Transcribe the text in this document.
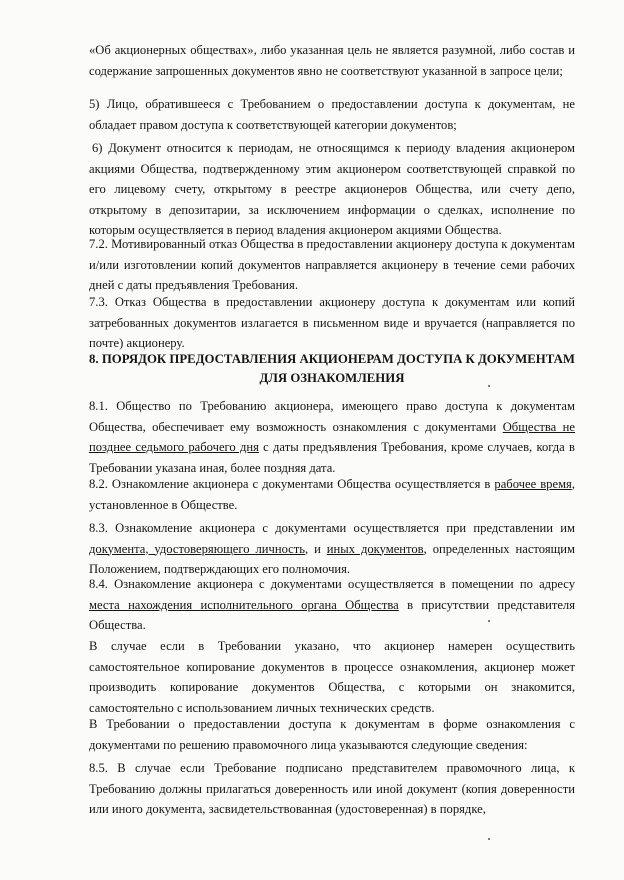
«Об акционерных обществах», либо указанная цель не является разумной, либо состав и содержание запрошенных документов явно не соответствуют указанной в запросе цели;

5) Лицо, обратившееся с Требованием о предоставлении доступа к документам, не обладает правом доступа к соответствующей категории документов;

6) Документ относится к периодам, не относящимся к периоду владения акционером акциями Общества, подтвержденному этим акционером соответствующей справкой по его лицевому счету, открытому в реестре акционеров Общества, или счету депо, открытому в депозитарии, за исключением информации о сделках, исполнение по которым осуществляется в период владения акционером акциями Общества.

7.2. Мотивированный отказ Общества в предоставлении акционеру доступа к документам и/или изготовлении копий документов направляется акционеру в течение семи рабочих дней с даты предъявления Требования.

7.3. Отказ Общества в предоставлении акционеру доступа к документам или копий затребованных документов излагается в письменном виде и вручается (направляется по почте) акционеру.

8. ПОРЯДОК ПРЕДОСТАВЛЕНИЯ АКЦИОНЕРАМ ДОСТУПА К ДОКУМЕНТАМ ДЛЯ ОЗНАКОМЛЕНИЯ

8.1. Общество по Требованию акционера, имеющего право доступа к документам Общества, обеспечивает ему возможность ознакомления с документами Общества не позднее седьмого рабочего дня с даты предъявления Требования, кроме случаев, когда в Требовании указана иная, более поздняя дата.

8.2. Ознакомление акционера с документами Общества осуществляется в рабочее время, установленное в Обществе.

8.3. Ознакомление акционера с документами осуществляется при представлении им документа, удостоверяющего личность, и иных документов, определенных настоящим Положением, подтверждающих его полномочия.

8.4. Ознакомление акционера с документами осуществляется в помещении по адресу места нахождения исполнительного органа Общества в присутствии представителя Общества.

В случае если в Требовании указано, что акционер намерен осуществить самостоятельное копирование документов в процессе ознакомления, акционер может производить копирование документов Общества, с которыми он знакомится, самостоятельно с использованием личных технических средств.

В Требовании о предоставлении доступа к документам в форме ознакомления с документами по решению правомочного лица указываются следующие сведения:

8.5. В случае если Требование подписано представителем правомочного лица, к Требованию должны прилагаться доверенность или иной документ (копия доверенности или иного документа, засвидетельствованная (удостоверенная) в порядке,
